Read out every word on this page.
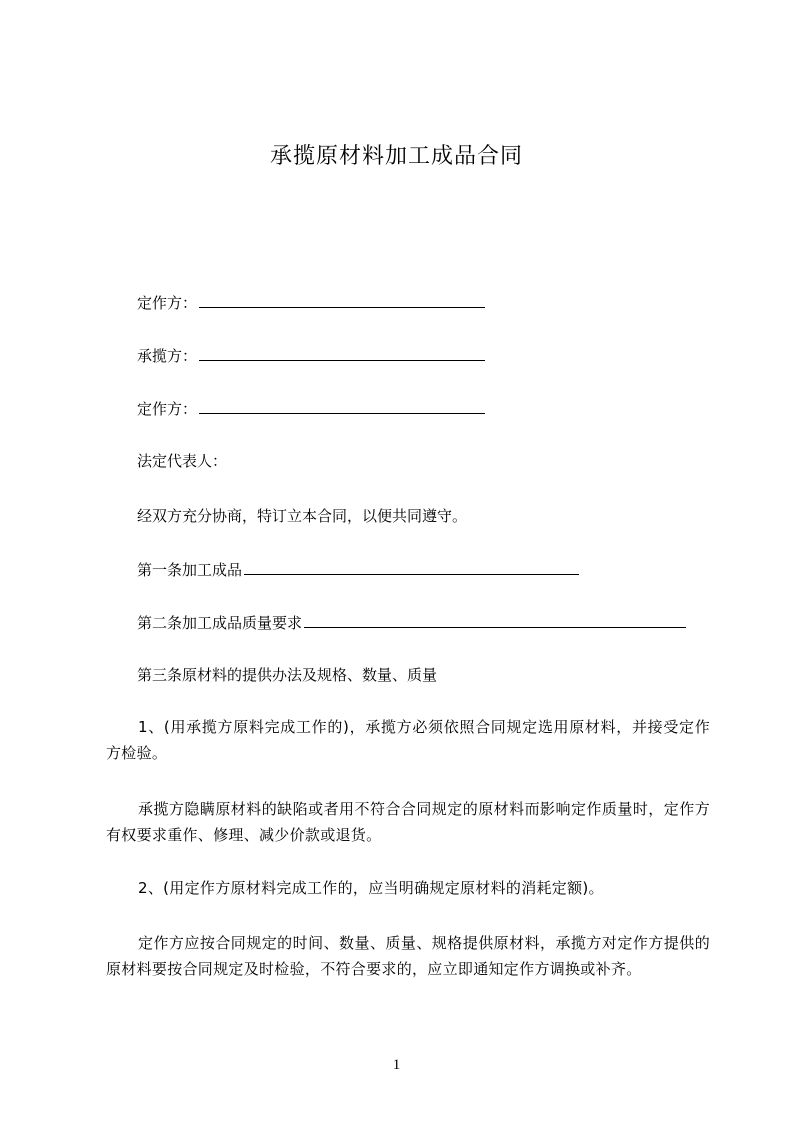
承揽原材料加工成品合同
定作方：
承揽方：
定作方：
法定代表人：
经双方充分协商，特订立本合同，以便共同遵守。
第一条加工成品
第二条加工成品质量要求
第三条原材料的提供办法及规格、数量、质量
1、(用承揽方原料完成工作的)，承揽方必须依照合同规定选用原材料，并接受定作方检验。
承揽方隐瞒原材料的缺陷或者用不符合合同规定的原材料而影响定作质量时，定作方有权要求重作、修理、减少价款或退货。
2、(用定作方原材料完成工作的，应当明确规定原材料的消耗定额)。
定作方应按合同规定的时间、数量、质量、规格提供原材料，承揽方对定作方提供的原材料要按合同规定及时检验，不符合要求的，应立即通知定作方调换或补齐。
1
